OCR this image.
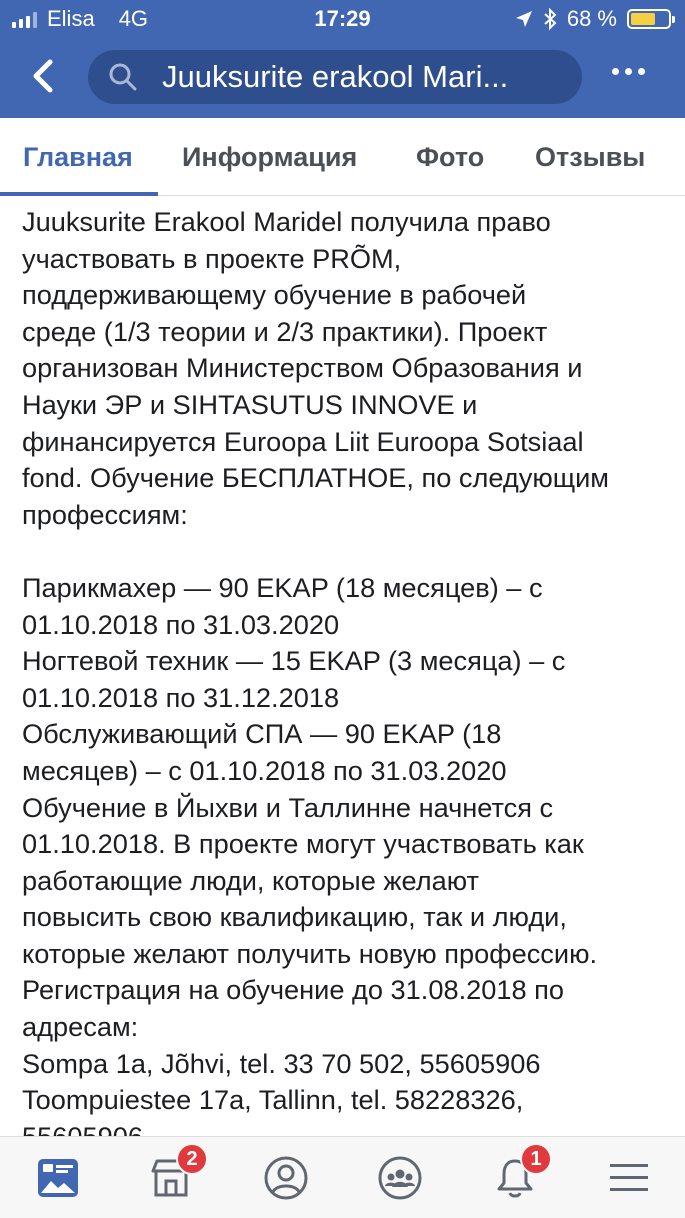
Elisa 4G	17:29	68 %
Juuksurite erakool Mari...
Главная Информация Фото Отзывы

Juuksurite Erakool Maridel получила право
участвовать в проекте PRÕM,
поддерживающему обучение в рабочей
среде (1/3 теории и 2/3 практики). Проект
организован Министерством Образования и
Науки ЭР и SIHTASUTUS INNOVE и
финансируется Euroopa Liit Euroopa Sotsiaal
fond. Обучение БЕСПЛАТНОЕ, по следующим
профессиям:

Парикмахер — 90 EKAP (18 месяцев) – с
01.10.2018 по 31.03.2020
Ногтевой техник — 15 EKAP (3 месяца) – с
01.10.2018 по 31.12.2018
Обслуживающий СПА — 90 EKAP (18
месяцев) – с 01.10.2018 по 31.03.2020
Обучение в Йыхви и Таллинне начнется с
01.10.2018. В проекте могут участвовать как
работающие люди, которые желают
повысить свою квалификацию, так и люди,
которые желают получить новую профессию.
Регистрация на обучение до 31.08.2018 по
адресам:
Sompa 1a, Jõhvi, tel. 33 70 502, 55605906
Toompuiestee 17a, Tallinn, tel. 58228326,

2	1
